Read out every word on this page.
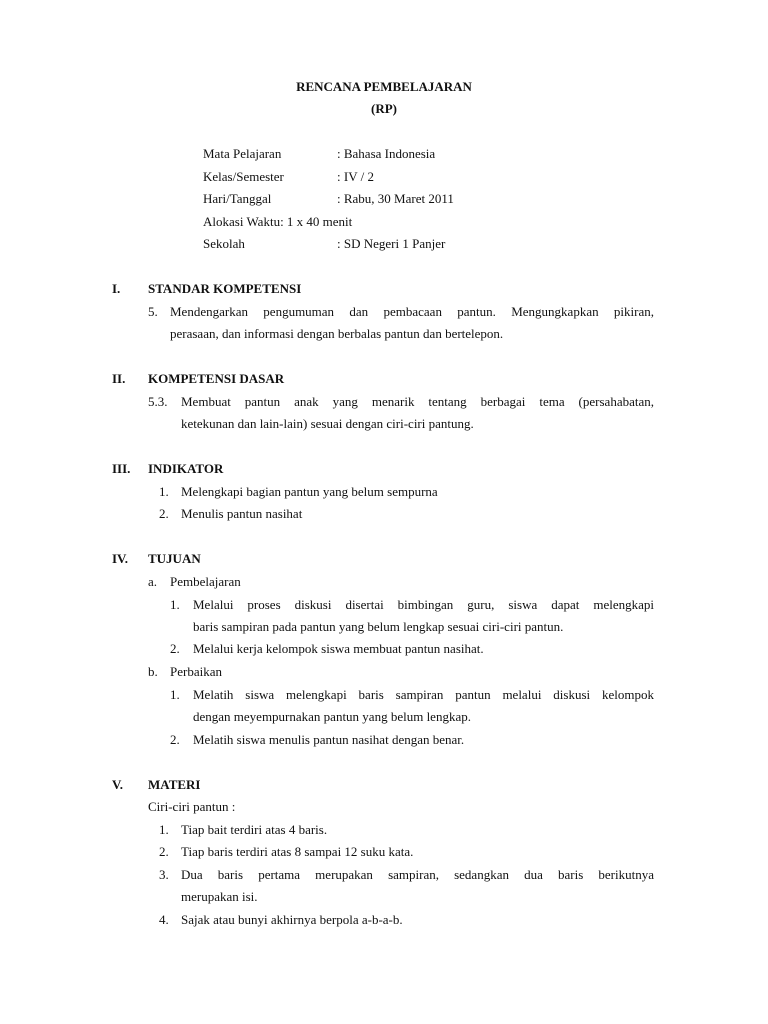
RENCANA PEMBELAJARAN
(RP)
Mata Pelajaran	: Bahasa Indonesia
Kelas/Semester	: IV / 2
Hari/Tanggal	: Rabu, 30 Maret 2011
Alokasi Waktu: 1 x 40 menit
Sekolah	: SD Negeri 1 Panjer
I. STANDAR KOMPETENSI
5. Mendengarkan pengumuman dan pembacaan pantun. Mengungkapkan pikiran,
perasaan, dan informasi dengan berbalas pantun dan bertelepon.
II. KOMPETENSI DASAR
5.3. Membuat pantun anak yang menarik tentang berbagai tema (persahabatan,
ketekunan dan lain-lain) sesuai dengan ciri-ciri pantung.
III. INDIKATOR
1. Melengkapi bagian pantun yang belum sempurna
2. Menulis pantun nasihat
IV. TUJUAN
a. Pembelajaran
1. Melalui proses diskusi disertai bimbingan guru, siswa dapat melengkapi
baris sampiran pada pantun yang belum lengkap sesuai ciri-ciri pantun.
2. Melalui kerja kelompok siswa membuat pantun nasihat.
b. Perbaikan
1. Melatih siswa melengkapi baris sampiran pantun melalui diskusi kelompok
dengan meyempurnakan pantun yang belum lengkap.
2. Melatih siswa menulis pantun nasihat dengan benar.
V. MATERI
Ciri-ciri pantun :
1. Tiap bait terdiri atas 4 baris.
2. Tiap baris terdiri atas 8 sampai 12 suku kata.
3. Dua baris pertama merupakan sampiran, sedangkan dua baris berikutnya
merupakan isi.
4. Sajak atau bunyi akhirnya berpola a-b-a-b.
